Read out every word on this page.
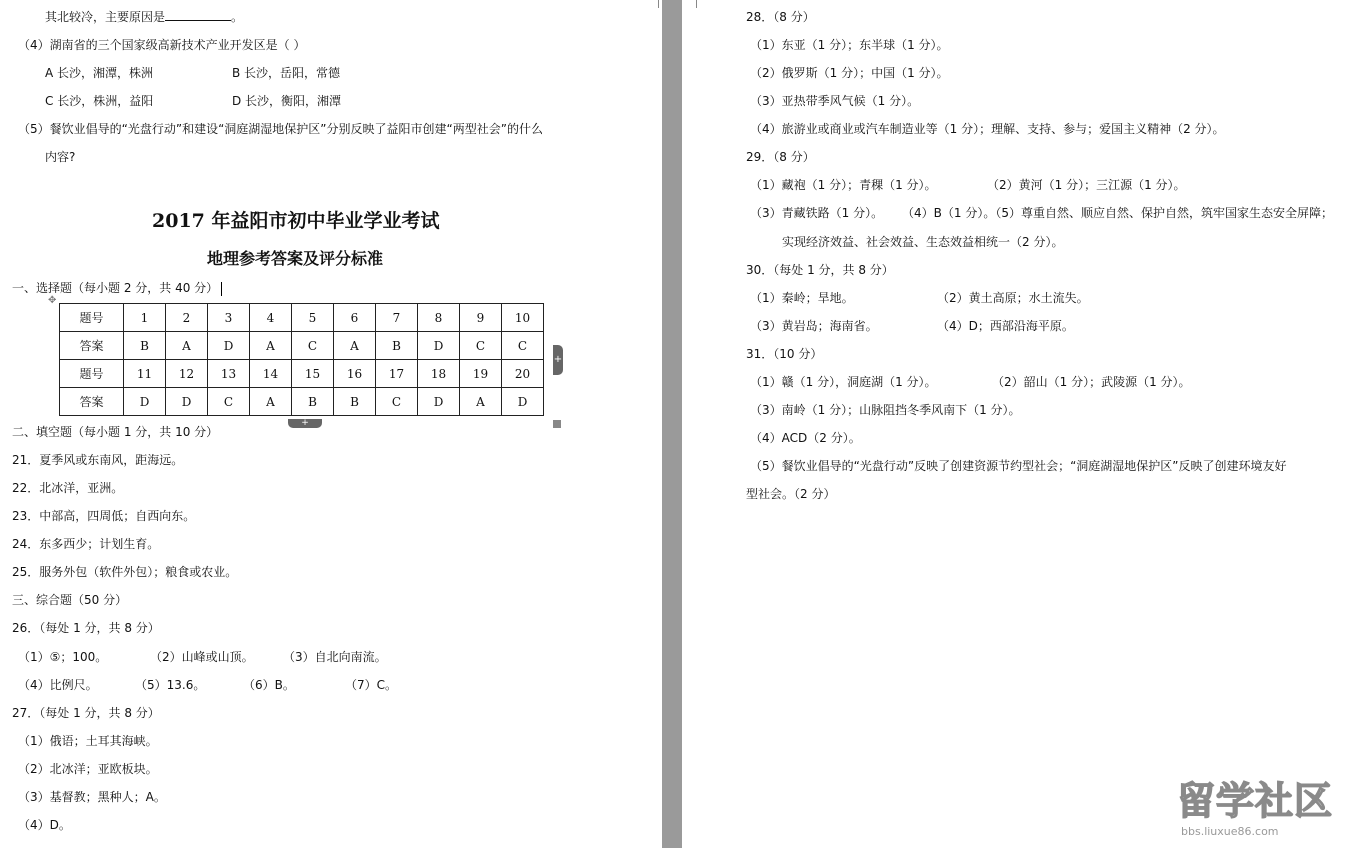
其北较冷，主要原因是	。
（4）湖南省的三个国家级高新技术产业开发区是（ ）
A 长沙，湘潭，株洲	B 长沙，岳阳，常德
C 长沙，株洲，益阳	D 长沙，衡阳，湘潭
（5）餐饮业倡导的“光盘行动”和建设“洞庭湖湿地保护区”分别反映了益阳市创建“两型社会”的什么
内容?
2017 年益阳市初中毕业学业考试
地理参考答案及评分标准
一、选择题（每小题 2 分，共 40 分）
✥
题号	1	2	3	4	5	6	7	8	9	10
答案	B	A	D	A	C	A	B	D	C	C
题号	11	12	13	14	15	16	17	18	19	20
答案	D	D	C	A	B	B	C	D	A	D
+
+
二、填空题（每小题 1 分，共 10 分）
21．夏季风或东南风，距海远。
22．北冰洋，亚洲。
23．中部高，四周低；自西向东。
24．东多西少；计划生育。
25．服务外包（软件外包）；粮食或农业。
三、综合题（50 分）
26．（每处 1 分，共 8 分）
（1）⑤；100。	（2）山峰或山顶。 （3）自北向南流。
（4）比例尺。	（5）13.6。	（6）B。	（7）C。
27．（每处 1 分，共 8 分）
（1）俄语；土耳其海峡。
（2）北冰洋；亚欧板块。
（3）基督教；黑种人；A。
（4）D。
28．（8 分）
（1）东亚（1 分）；东半球（1 分）。
（2）俄罗斯（1 分）；中国（1 分）。
（3）亚热带季风气候（1 分）。
（4）旅游业或商业或汽车制造业等（1 分）；理解、支持、参与；爱国主义精神（2 分）。
29．（8 分）
（1）藏袍（1 分）；青稞（1 分）。	（2）黄河（1 分）；三江源（1 分）。
（3）青藏铁路（1 分）。 （4）B（1 分）。（5）尊重自然、顺应自然、保护自然，筑牢国家生态安全屏障；
实现经济效益、社会效益、生态效益相统一（2 分）。
30．（每处 1 分，共 8 分）
（1）秦岭；旱地。	（2）黄土高原；水土流失。
（3）黄岩岛；海南省。	（4）D；西部沿海平原。
31．（10 分）
（1）赣（1 分），洞庭湖（1 分）。	（2）韶山（1 分）；武陵源（1 分）。
（3）南岭（1 分）；山脉阻挡冬季风南下（1 分）。
（4）ACD（2 分）。
（5）餐饮业倡导的“光盘行动”反映了创建资源节约型社会；“洞庭湖湿地保护区”反映了创建环境友好
型社会。（2 分）
留学社区
bbs.liuxue86.com
